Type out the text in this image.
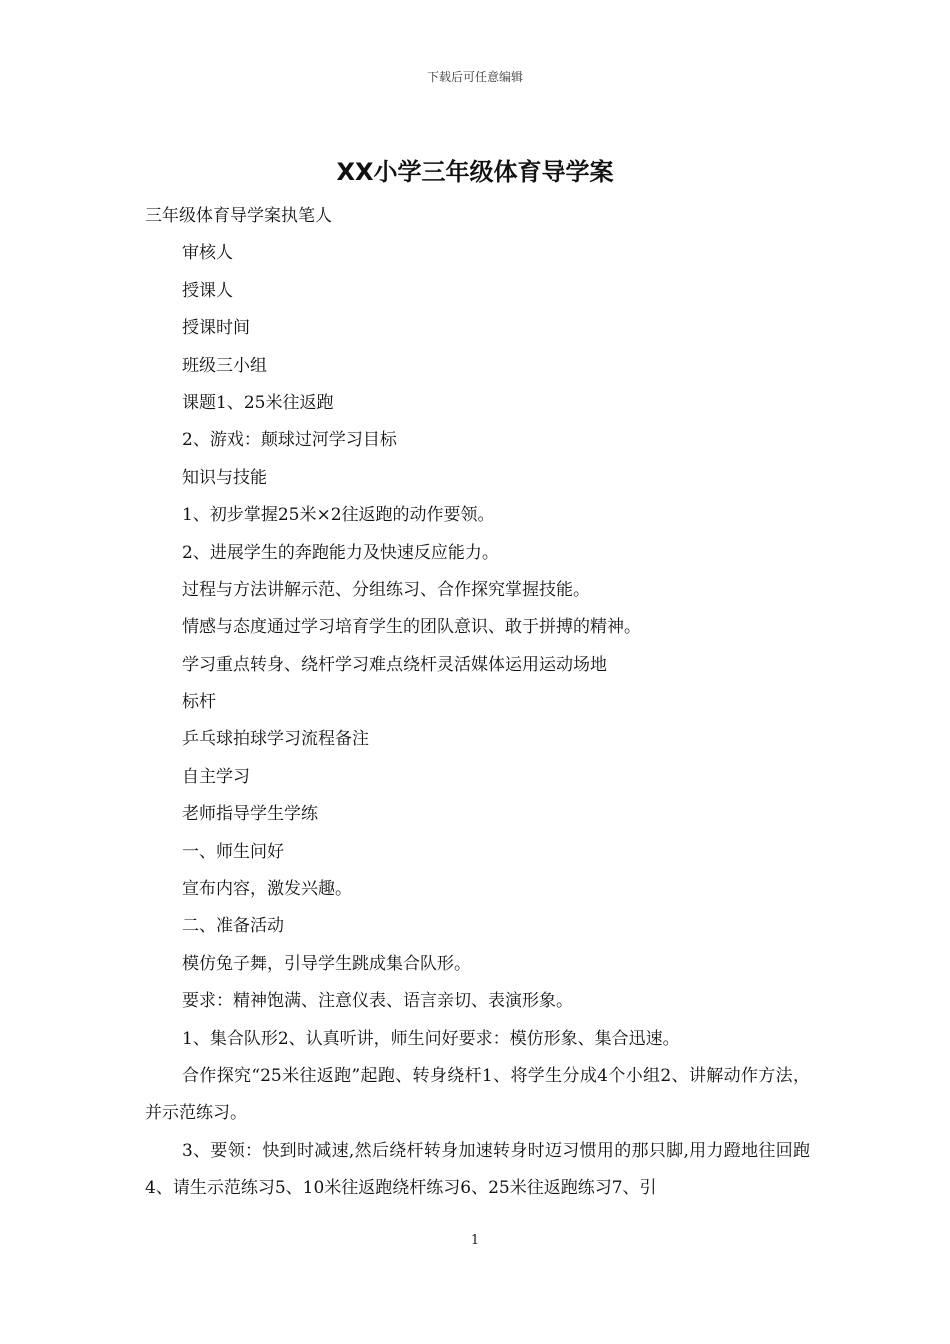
下载后可任意编辑
XX小学三年级体育导学案
三年级体育导学案执笔人
审核人
授课人
授课时间
班级三小组
课题1、25米往返跑
2、游戏：颠球过河学习目标
知识与技能
1、初步掌握25米×2往返跑的动作要领。
2、进展学生的奔跑能力及快速反应能力。
过程与方法讲解示范、分组练习、合作探究掌握技能。
情感与态度通过学习培育学生的团队意识、敢于拼搏的精神。
学习重点转身、绕杆学习难点绕杆灵活媒体运用运动场地
标杆
乒乓球拍球学习流程备注
自主学习
老师指导学生学练
一、师生问好
宣布内容，激发兴趣。
二、准备活动
模仿兔子舞，引导学生跳成集合队形。
要求：精神饱满、注意仪表、语言亲切、表演形象。
1、集合队形2、认真听讲，师生问好要求：模仿形象、集合迅速。
合作探究“25米往返跑”起跑、转身绕杆1、将学生分成4个小组2、讲解动作方法，并示范练习。
3、要领：快到时减速,然后绕杆转身加速转身时迈习惯用的那只脚,用力蹬地往回跑4、请生示范练习5、10米往返跑绕杆练习6、25米往返跑练习7、引
1
